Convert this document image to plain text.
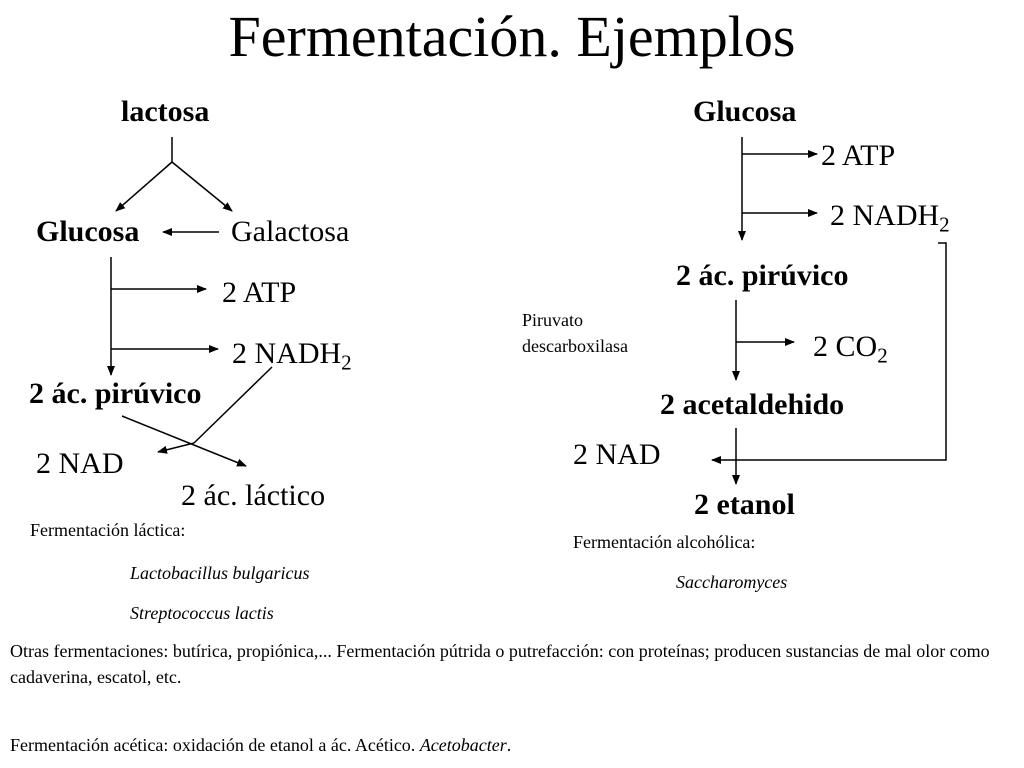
Fermentación. Ejemplos
lactosa
Glucosa	Galactosa
2 ATP
2 $NADH_2$
2 ác. pirúvico
2 NAD
2 ác. láctico
Fermentación láctica:
Lactobacillus bulgaricus
Streptococcus lactis
Glucosa
2 ATP
2 $NADH_2$
2 ác. pirúvico
Piruvato
descarboxilasa	2 $CO_2$
2 acetaldehido
2 NAD
2 etanol
Fermentación alcohólica:
Saccharomyces
Otras fermentaciones: butírica, propiónica,... Fermentación pútrida o putrefacción: con proteínas; producen sustancias de mal olor como cadaverina, escatol, etc.
Fermentación acética: oxidación de etanol a ác. Acético. Acetobacter.
